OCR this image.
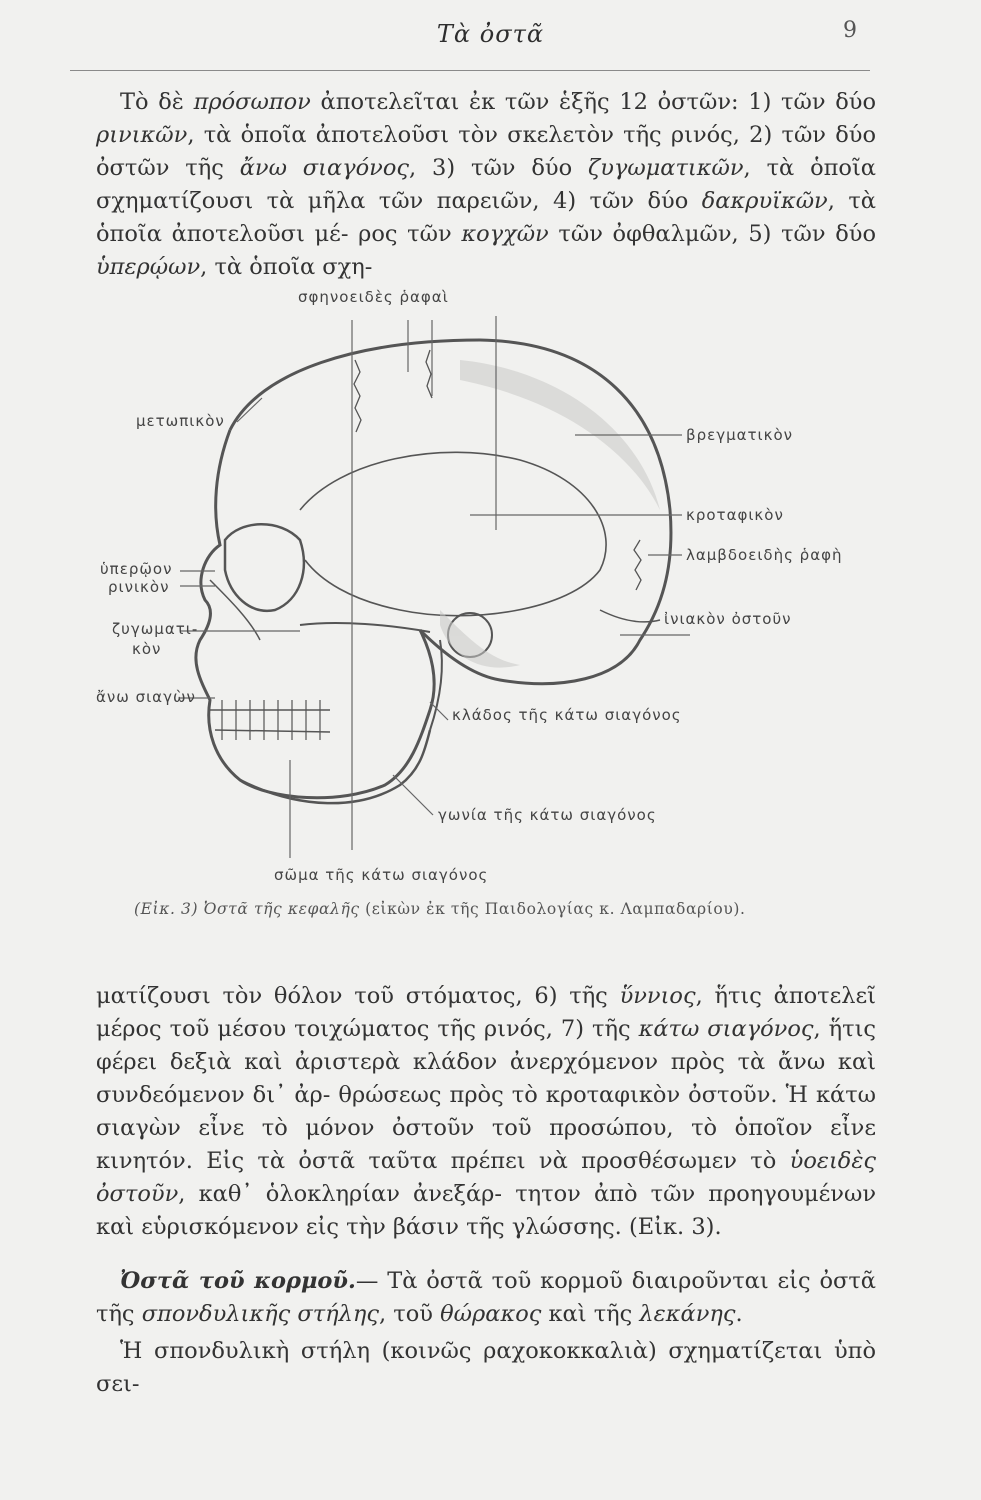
Τὰ ὀστᾶ	9
Τὸ δὲ πρόσωπον ἀποτελεῖται ἐκ τῶν ἑξῆς 12 ὀστῶν: 1) τῶν δύο ρινικῶν, τὰ ὁποῖα ἀποτελοῦσι τὸν σκελετὸν τῆς ρινός, 2) τῶν δύο ὀστῶν τῆς ἄνω σιαγόνος, 3) τῶν δύο ζυγωματικῶν, τὰ ὁποῖα σχηματίζουσι τὰ μῆλα τῶν παρειῶν, 4) τῶν δύο δακρυϊκῶν, τὰ ὁποῖα ἀποτελοῦσι μέ- ρος τῶν κογχῶν τῶν ὀφθαλμῶν, 5) τῶν δύο ὑπερῴων, τὰ ὁποῖα σχη-
σφηνοειδὲς ῥαφαὶ
μετωπικὸν
βρεγματικὸν
κροταφικὸν
λαμβδοειδὴς ῥαφὴ
ὑπερῷον
ρινικὸν
ζυγωματι-
κὸν
ἰνιακὸν ὀστοῦν
ἄνω σιαγὼν
κλάδος τῆς κάτω σιαγόνος
γωνία τῆς κάτω σιαγόνος
σῶμα τῆς κάτω σιαγόνος
(Εἰκ. 3) Ὀστᾶ τῆς κεφαλῆς (εἰκὼν ἐκ τῆς Παιδολογίας κ. Λαμπαδαρίου).
ματίζουσι τὸν θόλον τοῦ στόματος, 6) τῆς ὕννιος, ἥτις ἀποτελεῖ μέρος τοῦ μέσου τοιχώματος τῆς ρινός, 7) τῆς κάτω σιαγόνος, ἥτις φέρει δεξιὰ καὶ ἀριστερὰ κλάδον ἀνερχόμενον πρὸς τὰ ἄνω καὶ συνδεόμενον δι᾿ ἀρ- θρώσεως πρὸς τὸ κροταφικὸν ὀστοῦν. Ἡ κάτω σιαγὼν εἶνε τὸ μόνον ὀστοῦν τοῦ προσώπου, τὸ ὁποῖον εἶνε κινητόν. Εἰς τὰ ὀστᾶ ταῦτα πρέπει νὰ προσθέσωμεν τὸ ὑοειδὲς ὀστοῦν, καθ᾿ ὁλοκληρίαν ἀνεξάρ- τητον ἀπὸ τῶν προηγουμένων καὶ εὑρισκόμενον εἰς τὴν βάσιν τῆς γλώσσης. (Εἰκ. 3).
Ὀστᾶ τοῦ κορμοῦ.— Τὰ ὀστᾶ τοῦ κορμοῦ διαιροῦνται εἰς ὀστᾶ τῆς σπονδυλικῆς στήλης, τοῦ θώρακος καὶ τῆς λεκάνης.
Ἡ σπονδυλικὴ στήλη (κοινῶς ραχοκοκκαλιὰ) σχηματίζεται ὑπὸ σει-
